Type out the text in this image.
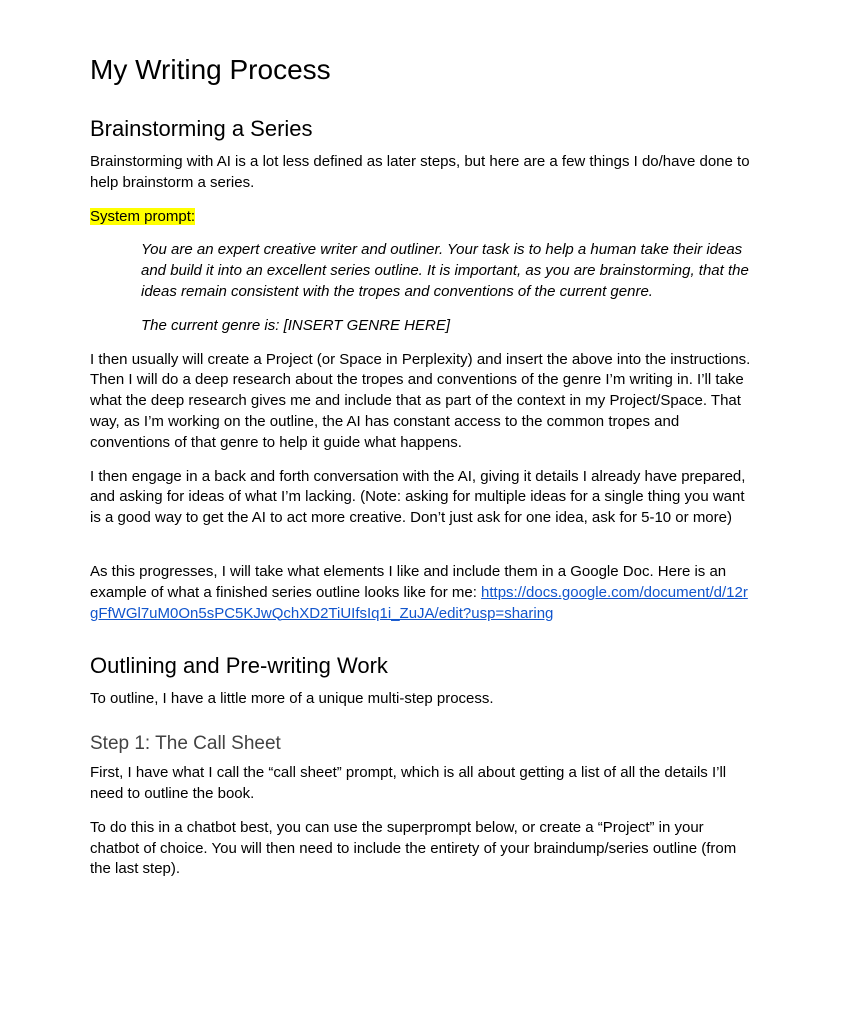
My Writing Process
Brainstorming a Series

Brainstorming with AI is a lot less defined as later steps, but here are a few things I do/have done to help brainstorm a series.

System prompt:

You are an expert creative writer and outliner. Your task is to help a human take their ideas and build it into an excellent series outline. It is important, as you are brainstorming, that the ideas remain consistent with the tropes and conventions of the current genre.

The current genre is: [INSERT GENRE HERE]

I then usually will create a Project (or Space in Perplexity) and insert the above into the instructions. Then I will do a deep research about the tropes and conventions of the genre I’m writing in. I’ll take what the deep research gives me and include that as part of the context in my Project/Space. That way, as I’m working on the outline, the AI has constant access to the common tropes and conventions of that genre to help it guide what happens.

I then engage in a back and forth conversation with the AI, giving it details I already have prepared, and asking for ideas of what I’m lacking. (Note: asking for multiple ideas for a single thing you want is a good way to get the AI to act more creative. Don’t just ask for one idea, ask for 5-10 or more)

As this progresses, I will take what elements I like and include them in a Google Doc. Here is an example of what a finished series outline looks like for me: https://docs.google.com/document/d/12rgFfWGl7uM0On5sPC5KJwQchXD2TiUIfsIq1i_ZuJA/edit?usp=sharing

Outlining and Pre-writing Work

To outline, I have a little more of a unique multi-step process.

Step 1: The Call Sheet

First, I have what I call the “call sheet” prompt, which is all about getting a list of all the details I’ll need to outline the book.

To do this in a chatbot best, you can use the superprompt below, or create a “Project” in your chatbot of choice. You will then need to include the entirety of your braindump/series outline (from the last step).
